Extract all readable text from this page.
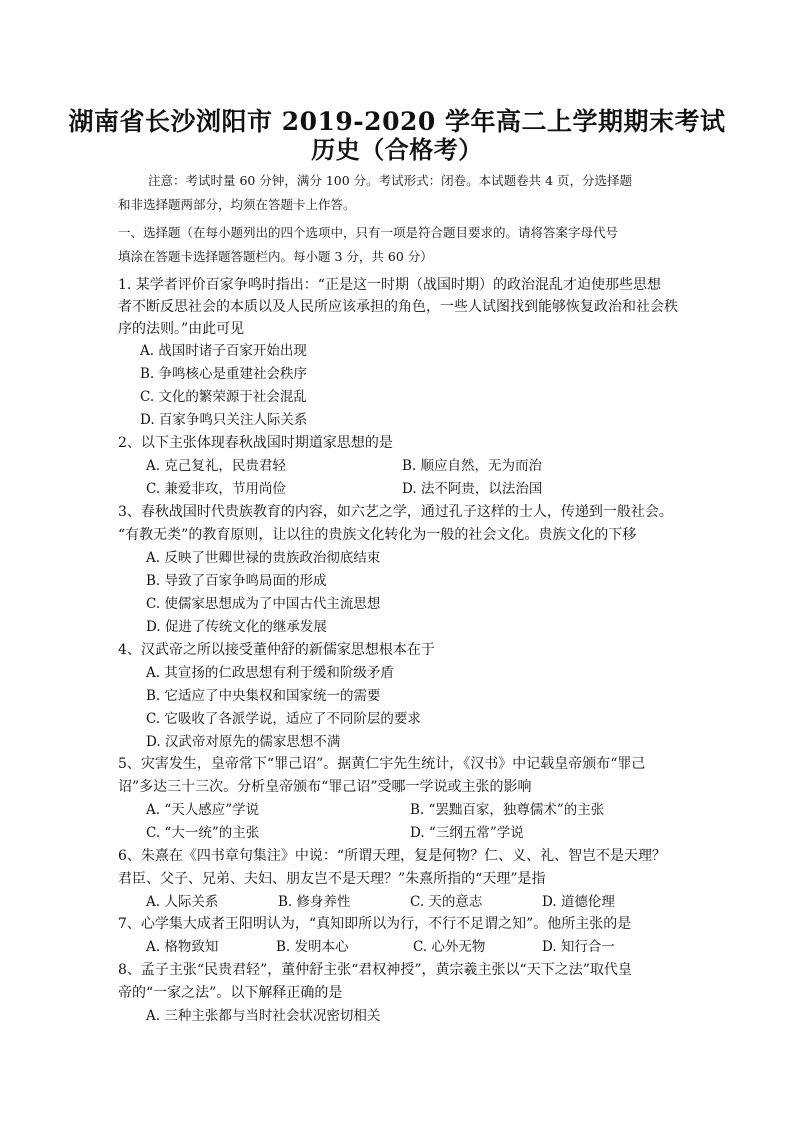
湖南省长沙浏阳市 2019-2020 学年高二上学期期末考试
历史（合格考）
注意：考试时量 60 分钟，满分 100 分。考试形式：闭卷。本试题卷共 4 页，分选择题
和非选择题两部分，均须在答题卡上作答。
一、选择题（在每小题列出的四个选项中，只有一项是符合题目要求的。请将答案字母代号
填涂在答题卡选择题答题栏内。每小题 3 分，共 60 分）
1. 某学者评价百家争鸣时指出：“正是这一时期（战国时期）的政治混乱才迫使那些思想
者不断反思社会的本质以及人民所应该承担的角色，一些人试图找到能够恢复政治和社会秩
序的法则。”由此可见
A. 战国时诸子百家开始出现
B. 争鸣核心是重建社会秩序
C. 文化的繁荣源于社会混乱
D. 百家争鸣只关注人际关系
2、以下主张体现春秋战国时期道家思想的是
A. 克己复礼，民贵君轻	B. 顺应自然，无为而治
C. 兼爱非攻，节用尚俭	D. 法不阿贵，以法治国
3、春秋战国时代贵族教育的内容，如六艺之学，通过孔子这样的士人，传递到一般社会。
“有教无类”的教育原则，让以往的贵族文化转化为一般的社会文化。贵族文化的下移
A. 反映了世卿世禄的贵族政治彻底结束
B. 导致了百家争鸣局面的形成
C. 使儒家思想成为了中国古代主流思想
D. 促进了传统文化的继承发展
4、汉武帝之所以接受董仲舒的新儒家思想根本在于
A. 其宣扬的仁政思想有利于缓和阶级矛盾
B. 它适应了中央集权和国家统一的需要
C. 它吸收了各派学说，适应了不同阶层的要求
D. 汉武帝对原先的儒家思想不满
5、灾害发生，皇帝常下“罪己诏”。据黄仁宇先生统计，《汉书》中记载皇帝颁布“罪己
诏”多达三十三次。分析皇帝颁布“罪己诏”受哪一学说或主张的影响
A. “天人感应”学说	B. “罢黜百家，独尊儒术”的主张
C. “大一统”的主张	D. “三纲五常”学说
6、朱熹在《四书章句集注》中说：“所谓天理，复是何物？仁、义、礼、智岂不是天理？
君臣、父子、兄弟、夫妇、朋友岂不是天理？”朱熹所指的“天理”是指
A. 人际关系	B. 修身养性	C. 天的意志	D. 道德伦理
7、心学集大成者王阳明认为，“真知即所以为行，不行不足谓之知”。他所主张的是
A. 格物致知	B. 发明本心	C. 心外无物	D. 知行合一
8、孟子主张“民贵君轻”，董仲舒主张“君权神授”，黄宗羲主张以“天下之法”取代皇
帝的“一家之法”。以下解释正确的是
A. 三种主张都与当时社会状况密切相关
